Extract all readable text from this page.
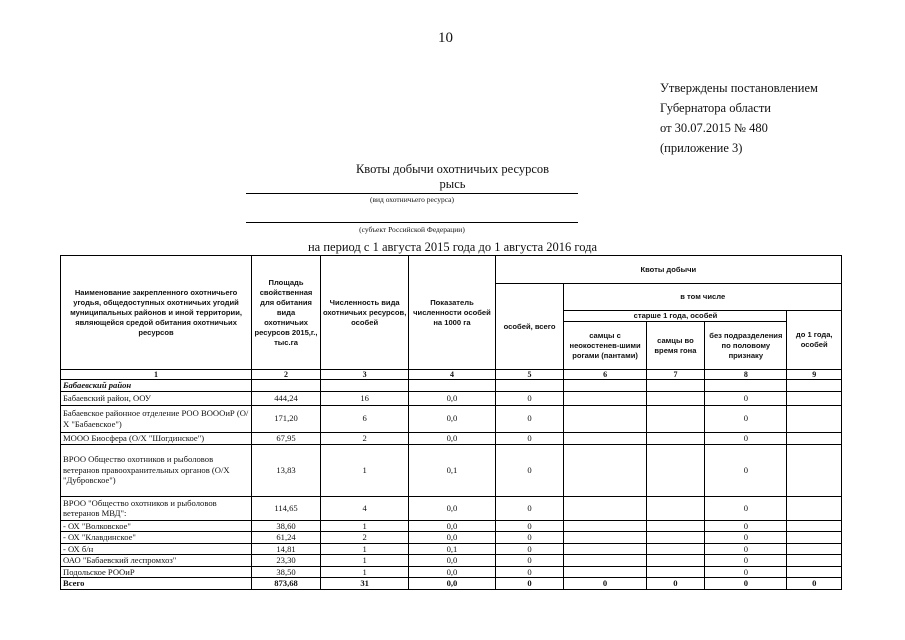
10
Утверждены постановлением
Губернатора области
от 30.07.2015 № 480
(приложение 3)
Квоты добычи охотничьих ресурсов
рысь
(вид охотничьего ресурса)
(субъект Российской Федерации)
на период с 1 августа 2015 года до 1 августа 2016 года
Наименование закрепленного охотничьего угодья, общедоступных охотничьих угодий муниципальных районов и иной территории, являющейся средой обитания охотничьих ресурсов	Площадь свойственная для обитания вида охотничьих ресурсов 2015,г., тыс.га	Численность вида охотничьих ресурсов, особей	Показатель численности особей на 1000 га	Квоты добычи				
				особей, всего	в том числе			
					старше 1 года, особей			до 1 года, особей
					самцы с неокостенев-шими рогами (пантами)	самцы во время гона	без подразделения по половому признаку	
1	2	3	4	5	6	7	8	9
Бабаевский район								
Бабаевский район, ООУ	444,24	16	0,0	0			0	
Бабаевское районное отделение РОО ВОООиР (О/Х "Бабаевское")	171,20	6	0,0	0			0	
МООО Биосфера (О/Х "Шогдинское")	67,95	2	0,0	0			0	
ВРОО Общество охотников и рыболовов ветеранов правоохранительных органов (О/Х "Дубровское")	13,83	1	0,1	0			0	
ВРОО "Общество охотников и рыболовов ветеранов МВД":	114,65	4	0,0	0			0	
- ОХ "Волковское"	38,60	1	0,0	0			0	
- ОХ "Клавдинское"	61,24	2	0,0	0			0	
- ОХ б/н	14,81	1	0,1	0			0	
ОАО "Бабаевский леспромхоз"	23,30	1	0,0	0			0	
Подольское РООиР	38,50	1	0,0	0			0	
Всего	873,68	31	0,0	0	0	0	0	0
